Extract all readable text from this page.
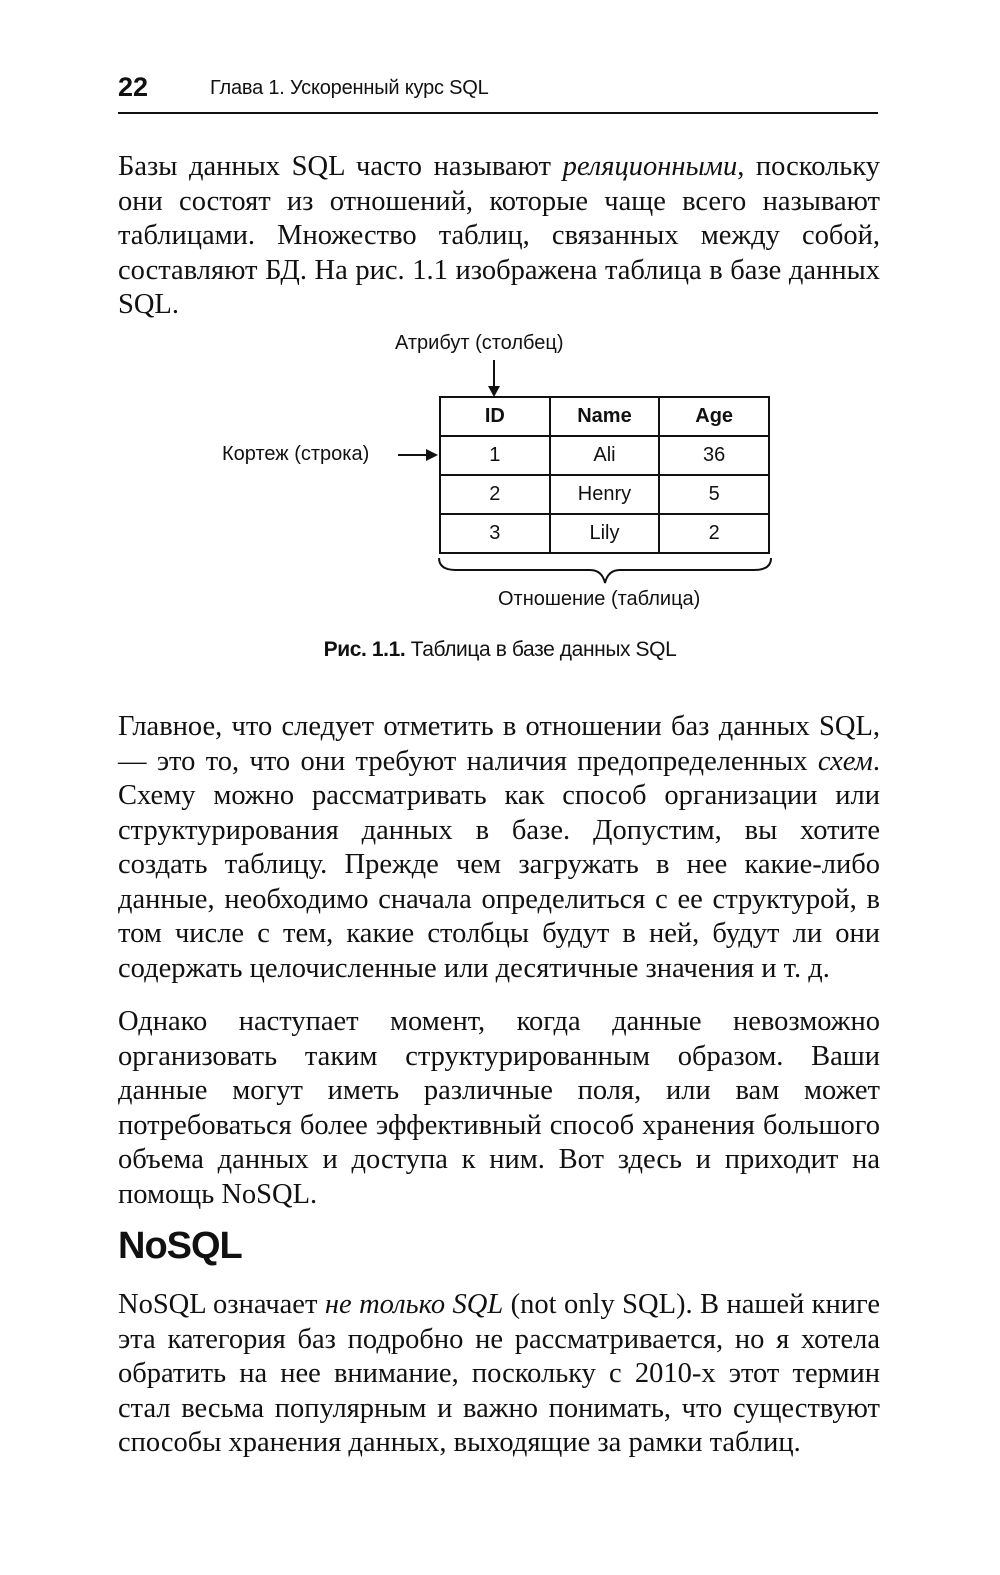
22	Глава 1. Ускоренный курс SQL

Базы данных SQL часто называют реляционными, поскольку они состоят из отношений, которые чаще всего называют таблицами. Множество таблиц, связанных между собой, составляют БД. На рис. 1.1 изображена таблица в базе данных SQL.

Атрибут (столбец)
Кортеж (строка)
ID	Name	Age
1	Ali	36
2	Henry	5
3	Lily	2
Отношение (таблица)
Рис. 1.1. Таблица в базе данных SQL

Главное, что следует отметить в отношении баз данных SQL, — это то, что они требуют наличия предопределенных схем. Схему можно рассматривать как способ организации или структурирования данных в базе. Допустим, вы хотите создать таблицу. Прежде чем загружать в нее какие-либо данные, необходимо сначала определиться с ее структурой, в том числе с тем, какие столбцы будут в ней, будут ли они содержать целочисленные или десятичные значения и т. д.

Однако наступает момент, когда данные невозможно организовать таким структурированным образом. Ваши данные могут иметь различные поля, или вам может потребоваться более эффективный способ хранения большого объема данных и доступа к ним. Вот здесь и приходит на помощь NoSQL.

NoSQL

NoSQL означает не только SQL (not only SQL). В нашей книге эта категория баз подробно не рассматривается, но я хотела обратить на нее внимание, поскольку с 2010-х этот термин стал весьма популярным и важно понимать, что существуют способы хранения данных, выходящие за рамки таблиц.
